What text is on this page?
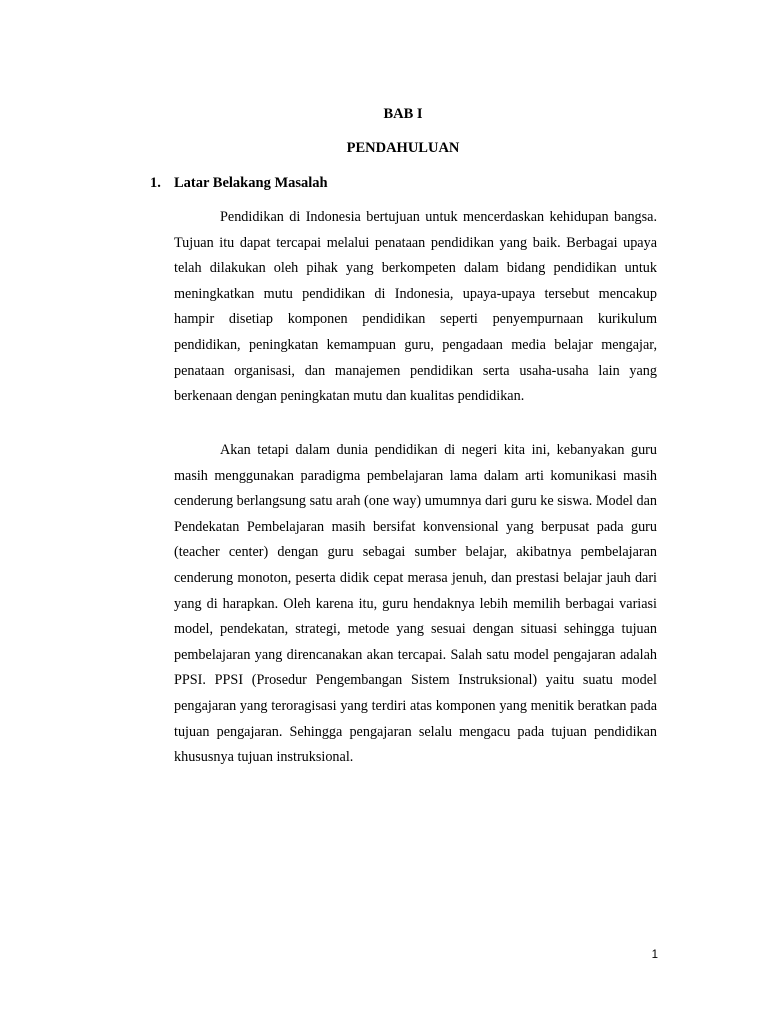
BAB I
PENDAHULUAN
1. Latar Belakang Masalah

Pendidikan di Indonesia bertujuan untuk mencerdaskan kehidupan bangsa. Tujuan itu dapat tercapai melalui penataan pendidikan yang baik. Berbagai upaya telah dilakukan oleh pihak yang berkompeten dalam bidang pendidikan untuk meningkatkan mutu pendidikan di Indonesia, upaya-upaya tersebut mencakup hampir disetiap komponen pendidikan seperti penyempurnaan kurikulum pendidikan, peningkatan kemampuan guru, pengadaan media belajar mengajar, penataan organisasi, dan manajemen pendidikan serta usaha-usaha lain yang berkenaan dengan peningkatan mutu dan kualitas pendidikan.

Akan tetapi dalam dunia pendidikan di negeri kita ini, kebanyakan guru masih menggunakan paradigma pembelajaran lama dalam arti komunikasi masih cenderung berlangsung satu arah (one way) umumnya dari guru ke siswa. Model dan Pendekatan Pembelajaran masih bersifat konvensional yang berpusat pada guru (teacher center) dengan guru sebagai sumber belajar, akibatnya pembelajaran cenderung monoton, peserta didik cepat merasa jenuh, dan prestasi belajar jauh dari yang di harapkan. Oleh karena itu, guru hendaknya lebih memilih berbagai variasi model, pendekatan, strategi, metode yang sesuai dengan situasi sehingga tujuan pembelajaran yang direncanakan akan tercapai. Salah satu model pengajaran adalah PPSI. PPSI (Prosedur Pengembangan Sistem Instruksional) yaitu suatu model pengajaran yang teroragisasi yang terdiri atas komponen yang menitik beratkan pada tujuan pengajaran. Sehingga pengajaran selalu mengacu pada tujuan pendidikan khususnya tujuan instruksional.

1
